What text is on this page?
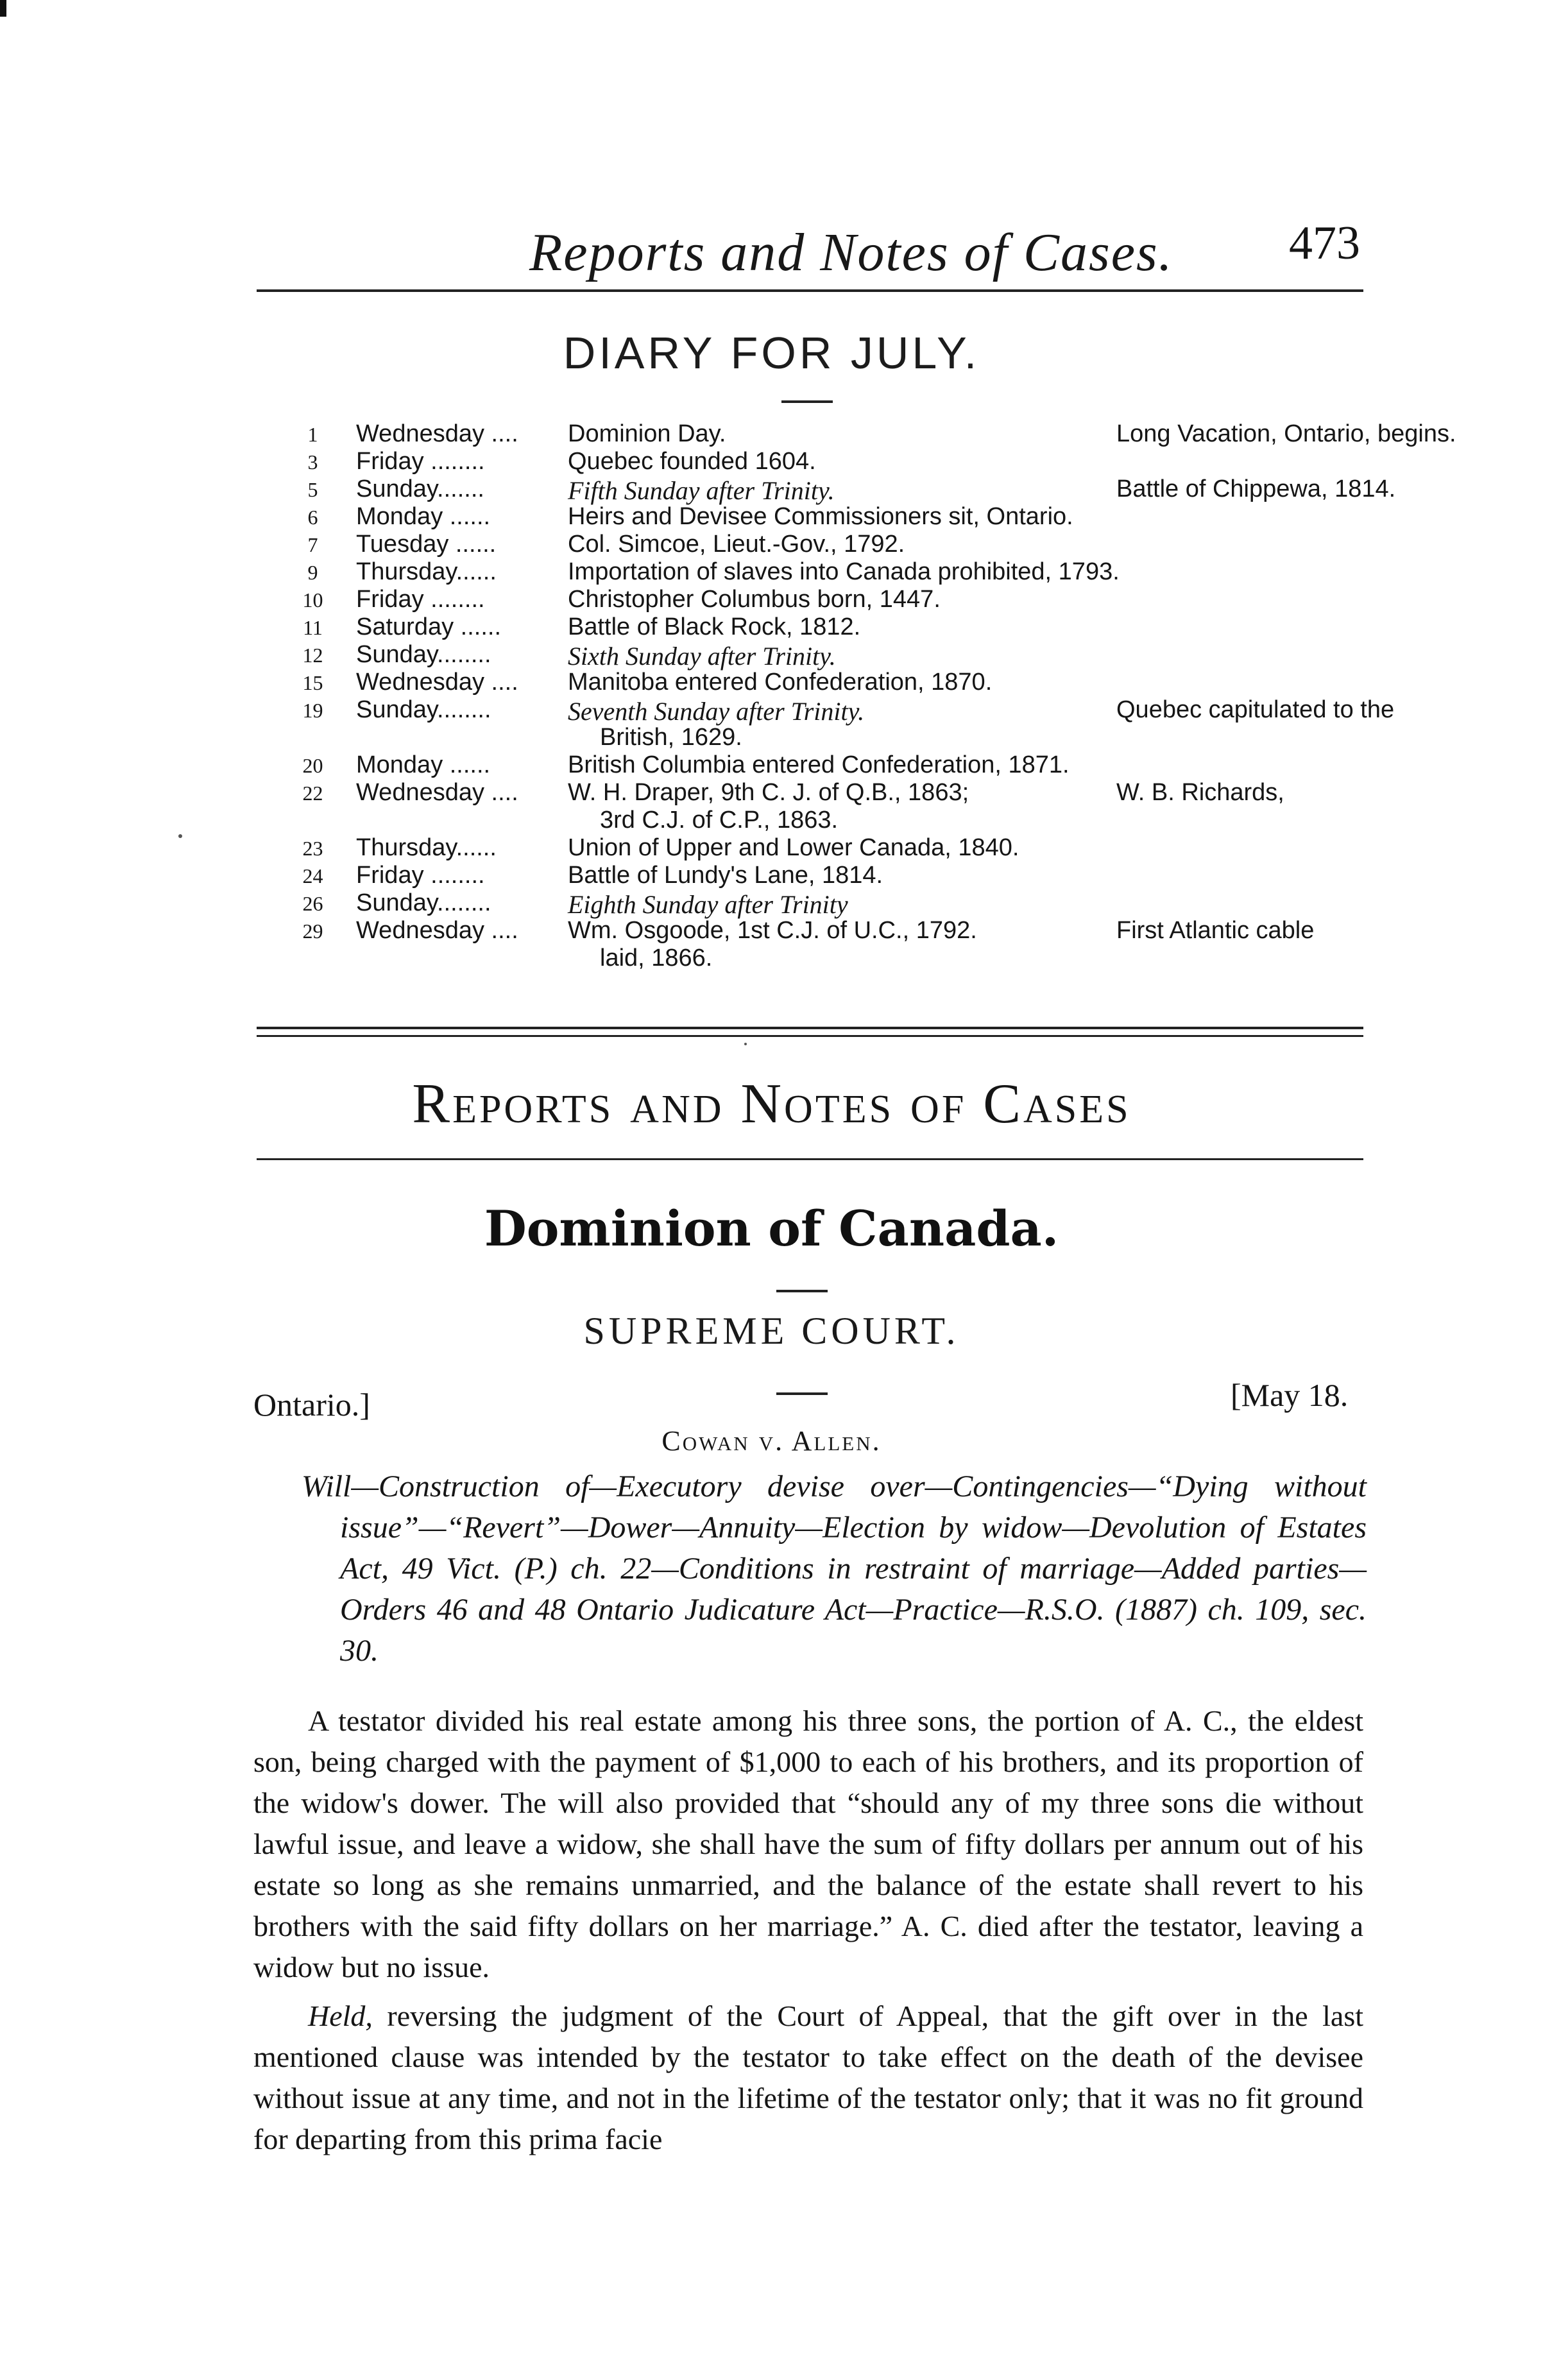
Reports and Notes of Cases. 473
DIARY FOR JULY.
1	Wednesday .... Dominion Day.	Long Vacation, Ontario, begins.
3	Friday ........	Quebec founded 1604.
5	Sunday.......	Fifth Sunday after Trinity.	Battle of Chippewa, 1814.
6	Monday ......	Heirs and Devisee Commissioners sit, Ontario.
7	Tuesday ......	Col. Simcoe, Lieut.-Gov., 1792.
9	Thursday......	Importation of slaves into Canada prohibited, 1793.
10	Friday ........	Christopher Columbus born, 1447.
11	Saturday ......	Battle of Black Rock, 1812.
12	Sunday........	Sixth Sunday after Trinity.
15	Wednesday .... Manitoba entered Confederation, 1870.
19	Sunday........	Seventh Sunday after Trinity.	Quebec capitulated to the
British, 1629.
20	Monday ......	British Columbia entered Confederation, 1871.
22	Wednesday .... W. H. Draper, 9th C. J. of Q.B., 1863;	W. B. Richards,
3rd C.J. of C.P., 1863.
23	Thursday......	Union of Upper and Lower Canada, 1840.
24	Friday ........	Battle of Lundy's Lane, 1814.
26	Sunday........	Eighth Sunday after Trinity
29	Wednesday .... Wm. Osgoode, 1st C.J. of U.C., 1792.	First Atlantic cable
laid, 1866.
Reports and Notes of Cases
Dominion of Canada.
SUPREME COURT.
Ontario.]	[May 18.
Cowan v. Allen.
Will—Construction of—Executory devise over—Contingencies—“Dying without issue”—“Revert”—Dower—Annuity—Election by widow—Devolution of Estates Act, 49 Vict. (P.) ch. 22—Conditions in restraint of marriage—Added parties—Orders 46 and 48 Ontario Judicature Act—Practice—R.S.O. (1887) ch. 109, sec. 30.
A testator divided his real estate among his three sons, the portion of A. C., the eldest son, being charged with the payment of $1,000 to each of his brothers, and its proportion of the widow's dower. The will also provided that “should any of my three sons die without lawful issue, and leave a widow, she shall have the sum of fifty dollars per annum out of his estate so long as she remains unmarried, and the balance of the estate shall revert to his brothers with the said fifty dollars on her marriage.” A. C. died after the testator, leaving a widow but no issue.
Held, reversing the judgment of the Court of Appeal, that the gift over in the last mentioned clause was intended by the testator to take effect on the death of the devisee without issue at any time, and not in the lifetime of the testator only; that it was no fit ground for departing from this prima facie
